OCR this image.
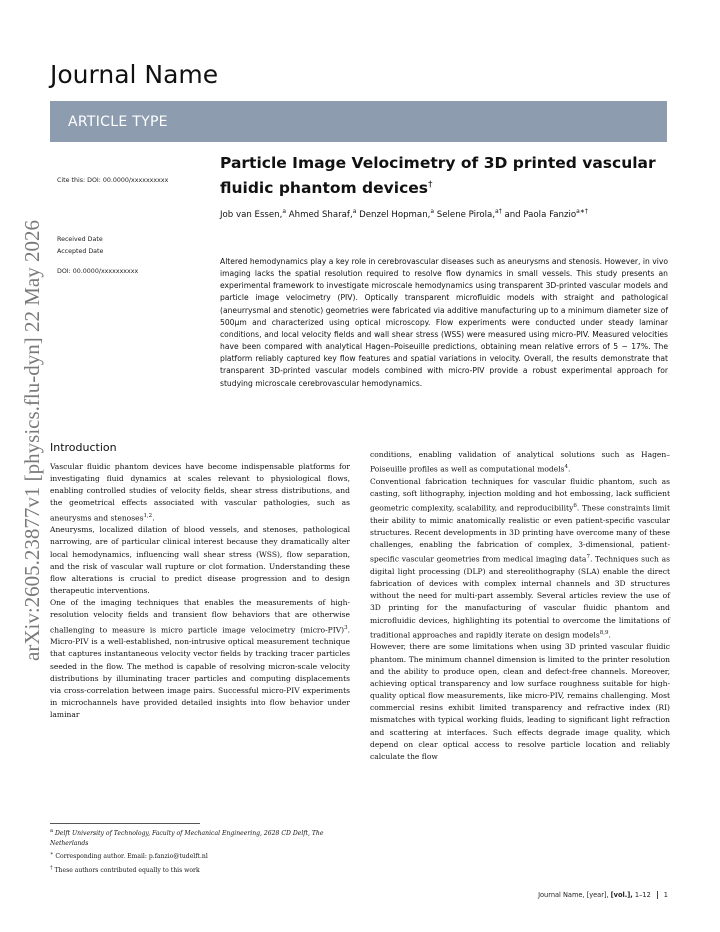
arXiv:2605.23877v1 [physics.flu-dyn] 22 May 2026
Journal Name
ARTICLE TYPE
Cite this: DOI: 00.0000/xxxxxxxxxx
Received Date
Accepted Date
DOI: 00.0000/xxxxxxxxxx
Particle Image Velocimetry of 3D printed vascular fluidic phantom devices†
Job van Essen,$^a$ Ahmed Sharaf,$^a$ Denzel Hopman,$^a$ Selene Pirola,$^{a\dagger}$ and Paola Fanzio$^{a∗\dagger}$
Altered hemodynamics play a key role in cerebrovascular diseases such as aneurysms and stenosis. However, in vivo imaging lacks the spatial resolution required to resolve flow dynamics in small vessels. This study presents an experimental framework to investigate microscale hemodynamics using transparent 3D-printed vascular models and particle image velocimetry (PIV). Optically transparent microfluidic models with straight and pathological (aneurrysmal and stenotic) geometries were fabricated via additive manufacturing up to a minimum diameter size of 500μm and characterized using optical microscopy. Flow experiments were conducted under steady laminar conditions, and local velocity fields and wall shear stress (WSS) were measured using micro-PIV. Measured velocities have been compared with analytical Hagen–Poiseuille predictions, obtaining mean relative errors of 5 − 17%. The platform reliably captured key flow features and spatial variations in velocity. Overall, the results demonstrate that transparent 3D-printed vascular models combined with micro-PIV provide a robust experimental approach for studying microscale cerebrovascular hemodynamics.
Introduction

Vascular fluidic phantom devices have become indispensable platforms for investigating fluid dynamics at scales relevant to physiological flows, enabling controlled studies of velocity fields, shear stress distributions, and the geometrical effects associated with vascular pathologies, such as aneurysms and stenoses$^{1,2}$.

Aneurysms, localized dilation of blood vessels, and stenoses, pathological narrowing, are of particular clinical interest because they dramatically alter local hemodynamics, influencing wall shear stress (WSS), flow separation, and the risk of vascular wall rupture or clot formation. Understanding these flow alterations is crucial to predict disease progression and to design therapeutic interventions.

One of the imaging techniques that enables the measurements of high-resolution velocity fields and transient flow behaviors that are otherwise challenging to measure is micro particle image velocimetry (micro-PIV)$^3$. Micro-PIV is a well-established, non-intrusive optical measurement technique that captures instantaneous velocity vector fields by tracking tracer particles seeded in the flow. The method is capable of resolving micron-scale velocity distributions by illuminating tracer particles and computing displacements via cross-correlation between image pairs. Successful micro-PIV experiments in microchannels have provided detailed insights into flow behavior under laminar

conditions, enabling validation of analytical solutions such as Hagen–Poiseuille profiles as well as computational models$^4$.

Conventional fabrication techniques for vascular fluidic phantom, such as casting, soft lithography, injection molding and hot embossing, lack sufficient geometric complexity, scalability, and reproducibility$^6$. These constraints limit their ability to mimic anatomically realistic or even patient-specific vascular structures. Recent developments in 3D printing have overcome many of these challenges, enabling the fabrication of complex, 3-dimensional, patient-specific vascular geometries from medical imaging data$^7$. Techniques such as digital light processing (DLP) and stereolithography (SLA) enable the direct fabrication of devices with complex internal channels and 3D structures without the need for multi-part assembly. Several articles review the use of 3D printing for the manufacturing of vascular fluidic phantom and microfluidic devices, highlighting its potential to overcome the limitations of traditional approaches and rapidly iterate on design models$^{8,9}$.

However, there are some limitations when using 3D printed vascular fluidic phantom. The minimum channel dimension is limited to the printer resolution and the ability to produce open, clean and defect-free channels. Moreover, achieving optical transparency and low surface roughness suitable for high-quality optical flow measurements, like micro-PIV, remains challenging. Most commercial resins exhibit limited transparency and refractive index (RI) mismatches with typical working fluids, leading to significant light refraction and scattering at interfaces. Such effects degrade image quality, which depend on clear optical access to resolve particle location and reliably calculate the flow

$^a$ Delft University of Technology, Faculty of Mechanical Engineering, 2628 CD Delft, The Netherlands

∗ Corresponding author. Email: p.fanzio@tudelft.nl

† These authors contributed equally to this work

Journal Name, [year], [vol.], 1–12 1
